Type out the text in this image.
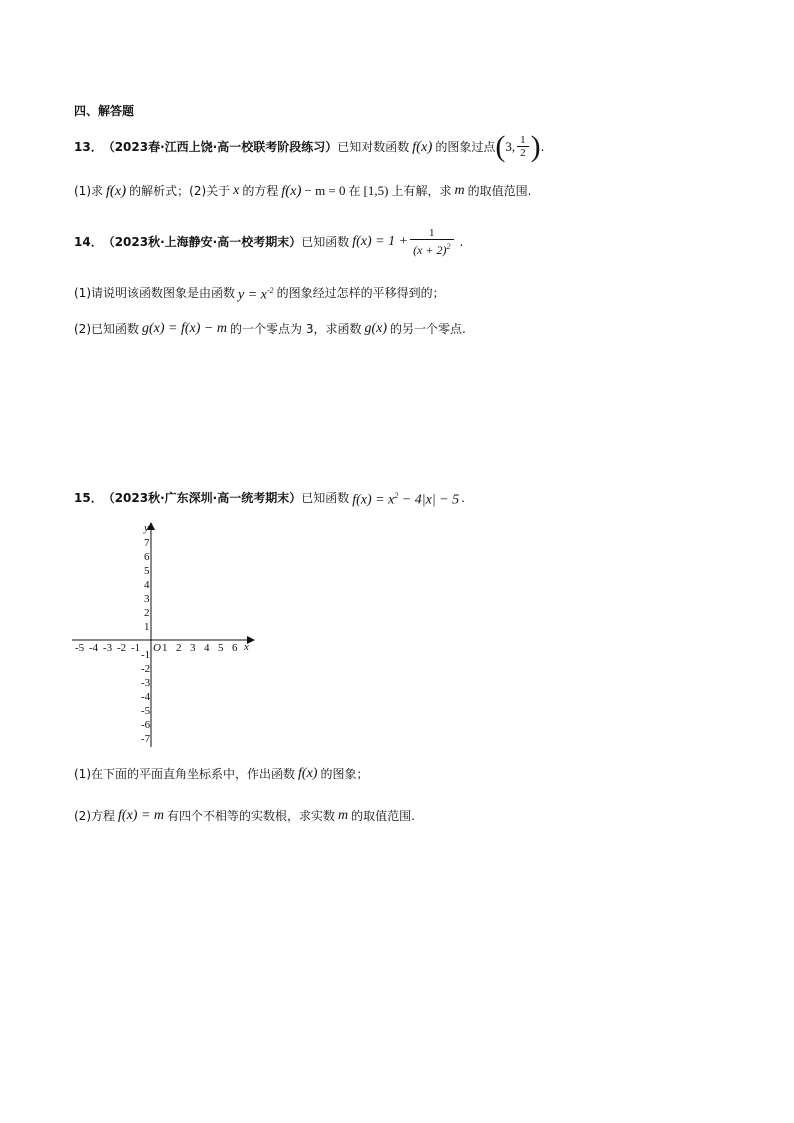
四、解答题
13． （2023春·江西上饶·高一校联考阶段练习） 已知对数函数 f(x) 的图象过点 ( 3, $\frac{1}{2}$ ) .
(1) 求 f(x) 的解析式； (2) 关于 x 的方程 f(x) − m = 0 在 [1,5) 上有解，求 m 的取值范围.
14． （2023秋·上海静安·高一校考期末） 已知函数 $f(x) = 1 + \frac{1}{(x + 2)^2}$ .
(1) 请说明该函数图象是由函数 $y = x^{-2}$ 的图象经过怎样的平移得到的；
(2) 已知函数 g(x) = f(x) − m 的一个零点为 3，求函数 g(x) 的另一个零点.
15． （2023秋·广东深圳·高一统考期末） 已知函数 $f(x) = x^2 - 4|x| - 5$ .
-5 -4 -3 -2 -1 1 2 3 4 5 6
7
6
5
4
3
2
1
-1
-2
-3
-4
-5
-6
-7
x
y
O
(1) 在下面的平面直角坐标系中，作出函数 f(x) 的图象；
(2) 方程 f(x) = m 有四个不相等的实数根，求实数 m 的取值范围.
